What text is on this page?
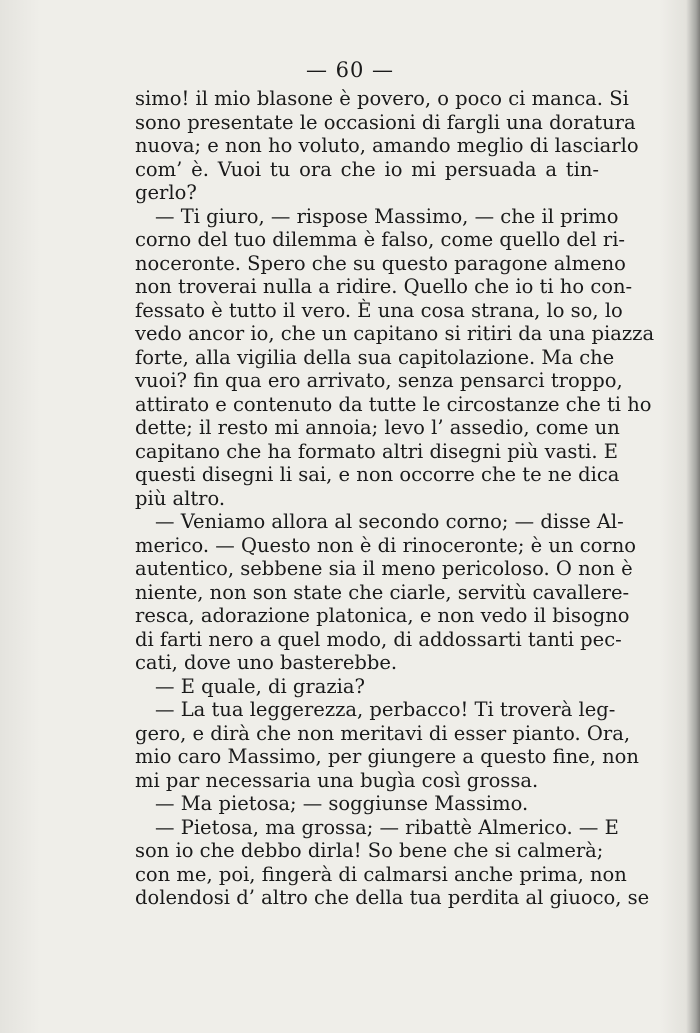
— 60 —
simo! il mio blasone è povero, o poco ci manca. Si
sono presentate le occasioni di fargli una doratura
nuova; e non ho voluto, amando meglio di lasciarlo
com’ è. Vuoi tu ora che io mi persuada a tin-
gerlo?
— Ti giuro, — rispose Massimo, — che il primo
corno del tuo dilemma è falso, come quello del ri-
noceronte. Spero che su questo paragone almeno
non troverai nulla a ridire. Quello che io ti ho con-
fessato è tutto il vero. È una cosa strana, lo so, lo
vedo ancor io, che un capitano si ritiri da una piazza
forte, alla vigilia della sua capitolazione. Ma che
vuoi? fin qua ero arrivato, senza pensarci troppo,
attirato e contenuto da tutte le circostanze che ti ho
dette; il resto mi annoia; levo l’ assedio, come un
capitano che ha formato altri disegni più vasti. E
questi disegni li sai, e non occorre che te ne dica
più altro.
— Veniamo allora al secondo corno; — disse Al-
merico. — Questo non è di rinoceronte; è un corno
autentico, sebbene sia il meno pericoloso. O non è
niente, non son state che ciarle, servitù cavallere-
resca, adorazione platonica, e non vedo il bisogno
di farti nero a quel modo, di addossarti tanti pec-
cati, dove uno basterebbe.
— E quale, di grazia?
— La tua leggerezza, perbacco! Ti troverà leg-
gero, e dirà che non meritavi di esser pianto. Ora,
mio caro Massimo, per giungere a questo fine, non
mi par necessaria una bugìa così grossa.
— Ma pietosa; — soggiunse Massimo.
— Pietosa, ma grossa; — ribattè Almerico. — E
son io che debbo dirla! So bene che si calmerà;
con me, poi, fingerà di calmarsi anche prima, non
dolendosi d’ altro che della tua perdita al giuoco, se
